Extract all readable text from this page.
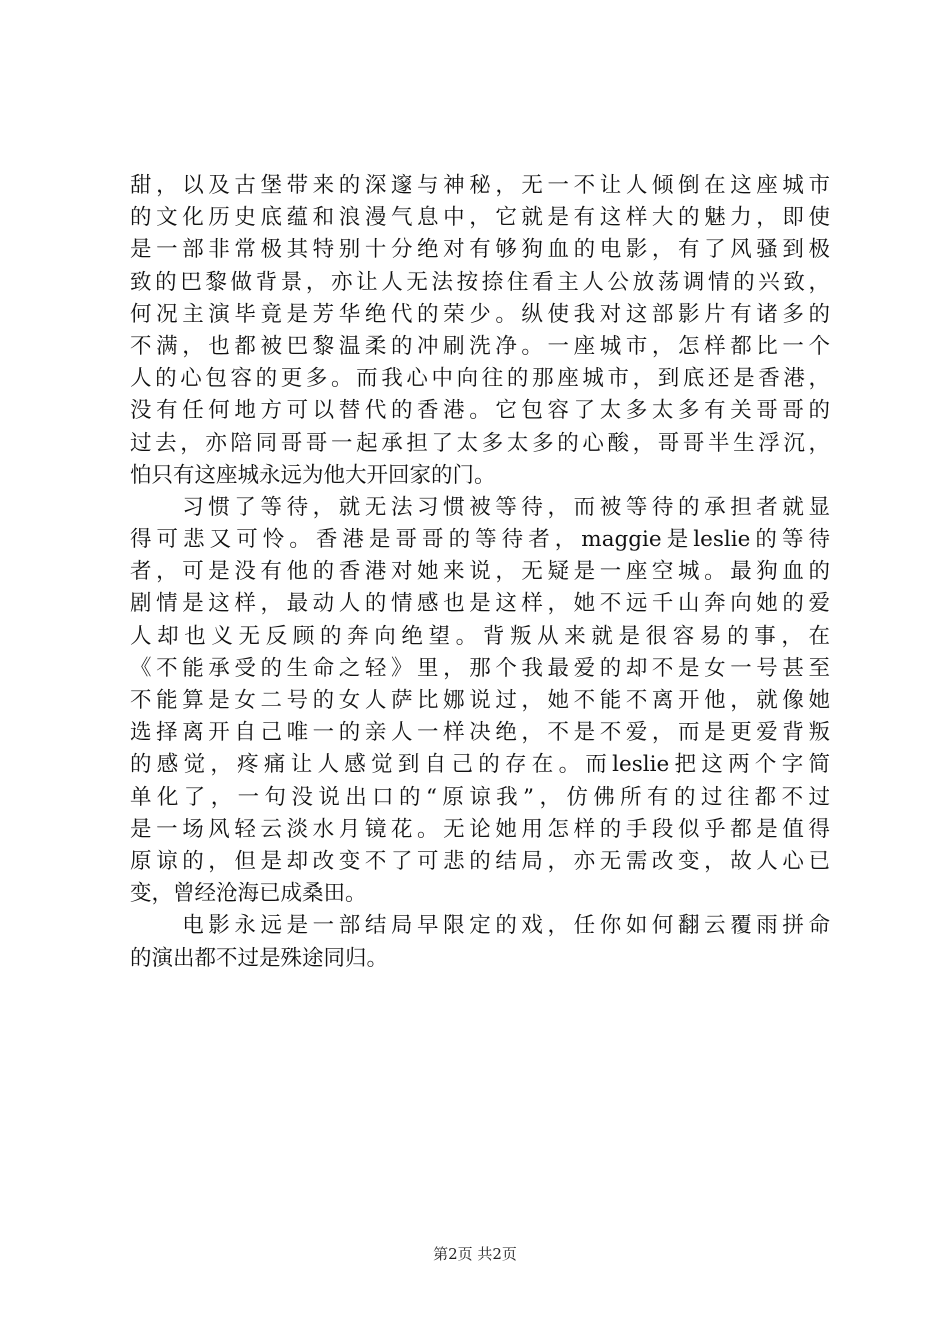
甜，以及古堡带来的深邃与神秘，无一不让人倾倒在这座城市
的文化历史底蕴和浪漫气息中，它就是有这样大的魅力，即使
是一部非常极其特别十分绝对有够狗血的电影，有了风骚到极
致的巴黎做背景，亦让人无法按捺住看主人公放荡调情的兴致，
何况主演毕竟是芳华绝代的荣少。纵使我对这部影片有诸多的
不满，也都被巴黎温柔的冲刷洗净。一座城市，怎样都比一个
人的心包容的更多。而我心中向往的那座城市，到底还是香港，
没有任何地方可以替代的香港。它包容了太多太多有关哥哥的
过去，亦陪同哥哥一起承担了太多太多的心酸，哥哥半生浮沉，
怕只有这座城永远为他大开回家的门。
　　习惯了等待，就无法习惯被等待，而被等待的承担者就显
得可悲又可怜。香港是哥哥的等待者，maggie是leslie的等待
者，可是没有他的香港对她来说，无疑是一座空城。最狗血的
剧情是这样，最动人的情感也是这样，她不远千山奔向她的爱
人却也义无反顾的奔向绝望。背叛从来就是很容易的事，在
《不能承受的生命之轻》里，那个我最爱的却不是女一号甚至
不能算是女二号的女人萨比娜说过，她不能不离开他，就像她
选择离开自己唯一的亲人一样决绝，不是不爱，而是更爱背叛
的感觉，疼痛让人感觉到自己的存在。而leslie把这两个字简
单化了，一句没说出口的“原谅我”，仿佛所有的过往都不过
是一场风轻云淡水月镜花。无论她用怎样的手段似乎都是值得
原谅的，但是却改变不了可悲的结局，亦无需改变，故人心已
变，曾经沧海已成桑田。
　　电影永远是一部结局早限定的戏，任你如何翻云覆雨拼命
的演出都不过是殊途同归。
第2页 共2页
